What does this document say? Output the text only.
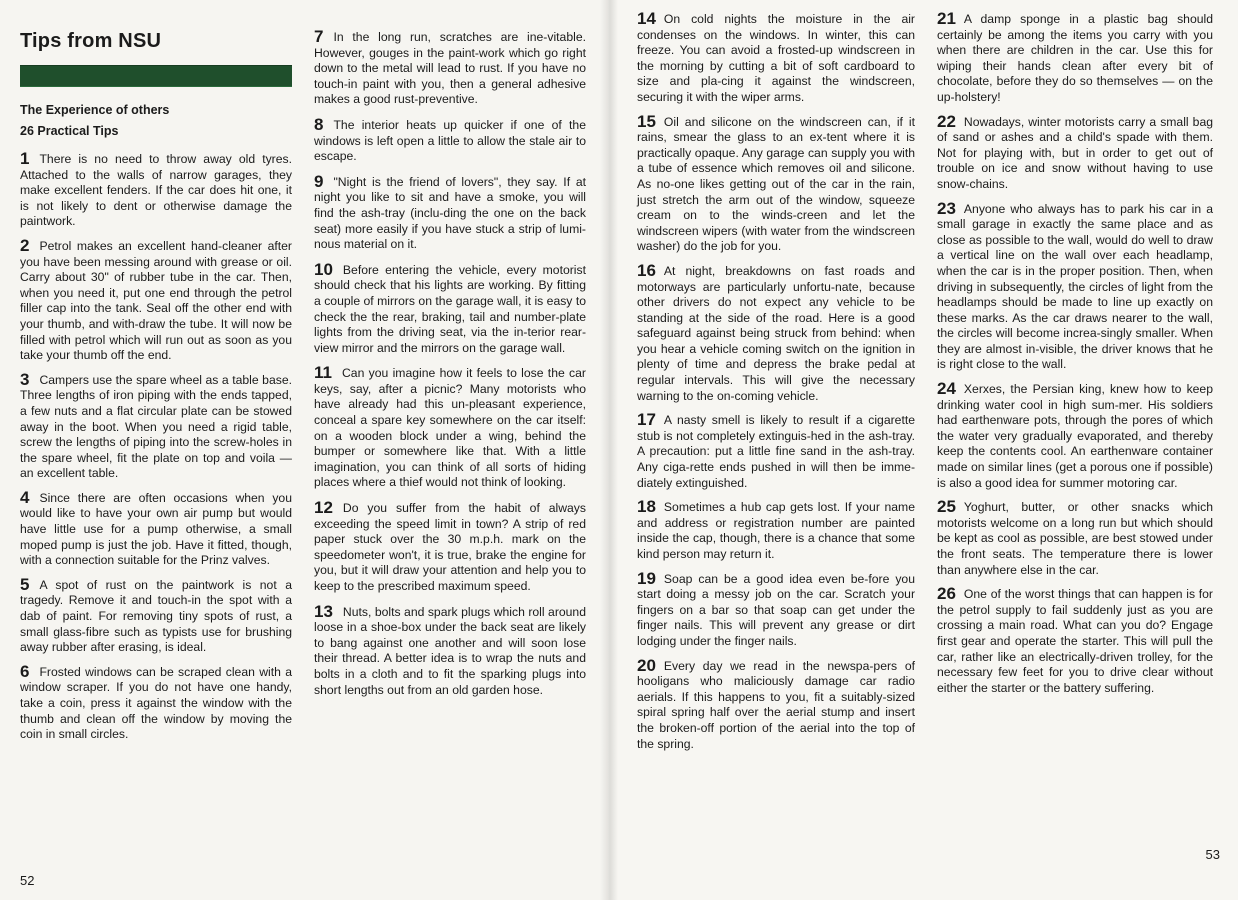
Tips from NSU
The Experience of others
26 Practical Tips

1 There is no need to throw away old tyres. Attached to the walls of narrow garages, they make excellent fenders. If the car does hit one, it is not likely to dent or otherwise damage the paintwork.

2 Petrol makes an excellent hand-cleaner after you have been messing around with grease or oil. Carry about 30" of rubber tube in the car. Then, when you need it, put one end through the petrol filler cap into the tank. Seal off the other end with your thumb, and with-draw the tube. It will now be filled with petrol which will run out as soon as you take your thumb off the end.

3 Campers use the spare wheel as a table base. Three lengths of iron piping with the ends tapped, a few nuts and a flat circular plate can be stowed away in the boot. When you need a rigid table, screw the lengths of piping into the screw-holes in the spare wheel, fit the plate on top and voila — an excellent table.

4 Since there are often occasions when you would like to have your own air pump but would have little use for a pump otherwise, a small moped pump is just the job. Have it fitted, though, with a connection suitable for the Prinz valves.

5 A spot of rust on the paintwork is not a tragedy. Remove it and touch-in the spot with a dab of paint. For removing tiny spots of rust, a small glass-fibre such as typists use for brushing away rubber after erasing, is ideal.

6 Frosted windows can be scraped clean with a window scraper. If you do not have one handy, take a coin, press it against the window with the thumb and clean off the window by moving the coin in small circles.

7 In the long run, scratches are ine-vitable. However, gouges in the paint-work which go right down to the metal will lead to rust. If you have no touch-in paint with you, then a general adhesive makes a good rust-preventive.

8 The interior heats up quicker if one of the windows is left open a little to allow the stale air to escape.

9 "Night is the friend of lovers", they say. If at night you like to sit and have a smoke, you will find the ash-tray (inclu-ding the one on the back seat) more easily if you have stuck a strip of lumi-nous material on it.

10 Before entering the vehicle, every motorist should check that his lights are working. By fitting a couple of mirrors on the garage wall, it is easy to check the the rear, braking, tail and number-plate lights from the driving seat, via the in-terior rear-view mirror and the mirrors on the garage wall.

11 Can you imagine how it feels to lose the car keys, say, after a picnic? Many motorists who have already had this un-pleasant experience, conceal a spare key somewhere on the car itself: on a wooden block under a wing, behind the bumper or somewhere like that. With a little imagination, you can think of all sorts of hiding places where a thief would not think of looking.

12 Do you suffer from the habit of always exceeding the speed limit in town? A strip of red paper stuck over the 30 m.p.h. mark on the speedometer won't, it is true, brake the engine for you, but it will draw your attention and help you to keep to the prescribed maximum speed.

13 Nuts, bolts and spark plugs which roll around loose in a shoe-box under the back seat are likely to bang against one another and will soon lose their thread. A better idea is to wrap the nuts and bolts in a cloth and to fit the sparking plugs into short lengths out from an old garden hose.

52

14 On cold nights the moisture in the air condenses on the windows. In winter, this can freeze. You can avoid a frosted-up windscreen in the morning by cutting a bit of soft cardboard to size and pla-cing it against the windscreen, securing it with the wiper arms.

15 Oil and silicone on the windscreen can, if it rains, smear the glass to an ex-tent where it is practically opaque. Any garage can supply you with a tube of essence which removes oil and silicone. As no-one likes getting out of the car in the rain, just stretch the arm out of the window, squeeze cream on to the winds-creen and let the windscreen wipers (with water from the windscreen washer) do the job for you.

16 At night, breakdowns on fast roads and motorways are particularly unfortu-nate, because other drivers do not expect any vehicle to be standing at the side of the road. Here is a good safeguard against being struck from behind: when you hear a vehicle coming switch on the ignition in plenty of time and depress the brake pedal at regular intervals. This will give the necessary warning to the on-coming vehicle.

17 A nasty smell is likely to result if a cigarette stub is not completely extinguis-hed in the ash-tray. A precaution: put a little fine sand in the ash-tray. Any ciga-rette ends pushed in will then be imme-diately extinguished.

18 Sometimes a hub cap gets lost. If your name and address or registration number are painted inside the cap, though, there is a chance that some kind person may return it.

19 Soap can be a good idea even be-fore you start doing a messy job on the car. Scratch your fingers on a bar so that soap can get under the finger nails. This will prevent any grease or dirt lodging under the finger nails.

20 Every day we read in the newspa-pers of hooligans who maliciously damage car radio aerials. If this happens to you, fit a suitably-sized spiral spring half over the aerial stump and insert the broken-off portion of the aerial into the top of the spring.

21 A damp sponge in a plastic bag should certainly be among the items you carry with you when there are children in the car. Use this for wiping their hands clean after every bit of chocolate, before they do so themselves — on the up-holstery!

22 Nowadays, winter motorists carry a small bag of sand or ashes and a child's spade with them. Not for playing with, but in order to get out of trouble on ice and snow without having to use snow-chains.

23 Anyone who always has to park his car in a small garage in exactly the same place and as close as possible to the wall, would do well to draw a vertical line on the wall over each headlamp, when the car is in the proper position. Then, when driving in subsequently, the circles of light from the headlamps should be made to line up exactly on these marks. As the car draws nearer to the wall, the circles will become increa-singly smaller. When they are almost in-visible, the driver knows that he is right close to the wall.

24 Xerxes, the Persian king, knew how to keep drinking water cool in high sum-mer. His soldiers had earthenware pots, through the pores of which the water very gradually evaporated, and thereby keep the contents cool. An earthenware container made on similar lines (get a porous one if possible) is also a good idea for summer motoring car.

25 Yoghurt, butter, or other snacks which motorists welcome on a long run but which should be kept as cool as possible, are best stowed under the front seats. The temperature there is lower than anywhere else in the car.

26 One of the worst things that can happen is for the petrol supply to fail suddenly just as you are crossing a main road. What can you do? Engage first gear and operate the starter. This will pull the car, rather like an electrically-driven trolley, for the necessary few feet for you to drive clear without either the starter or the battery suffering.

53
